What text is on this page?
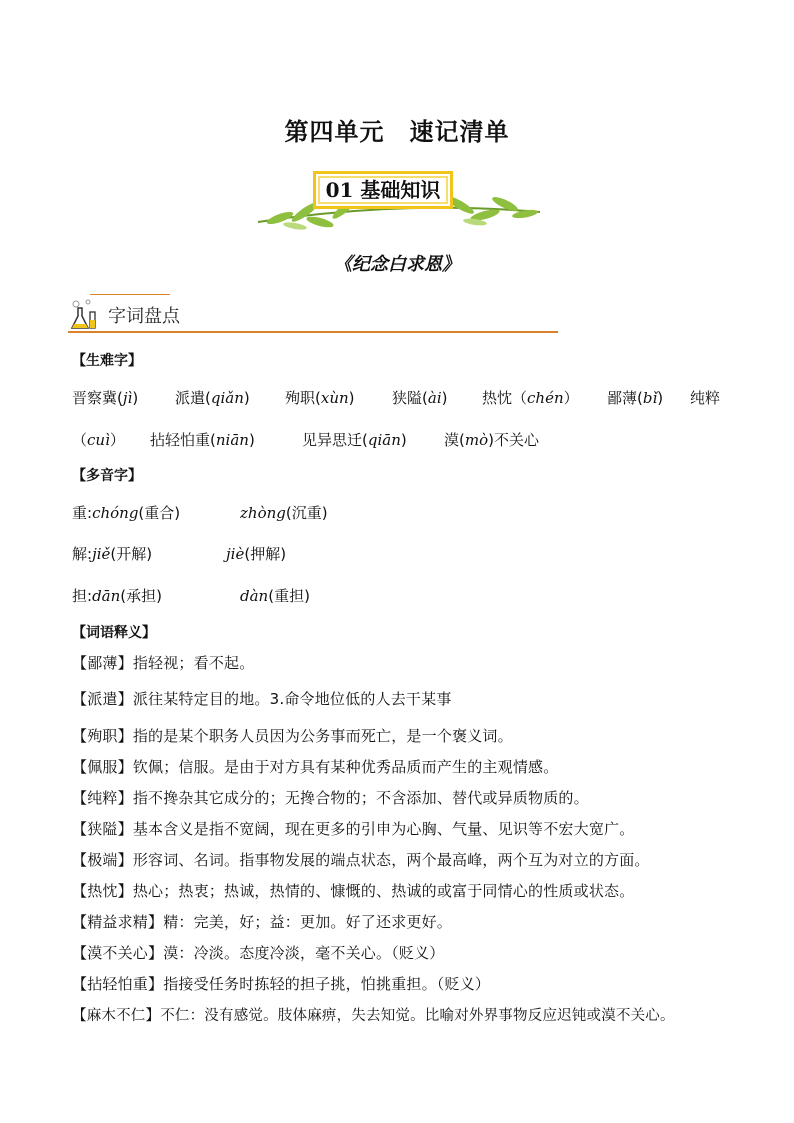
第四单元　速记清单
01 基础知识
《纪念白求恩》
字词盘点
【生难字】
晋察冀(jì) 派遣(qiǎn) 殉职(xùn) 狭隘(ài) 热忱（chén） 鄙薄(bǐ) 纯粹
（cuì） 拈轻怕重(niān)	见异思迁(qiān) 漠(mò)不关心
【多音字】
重:chóng(重合)	zhòng(沉重)
解:jiě(开解)	jiè(押解)
担:dān(承担)	dàn(重担)
【词语释义】
【鄙薄】指轻视；看不起。
【派遣】派往某特定目的地。3.命令地位低的人去干某事
【殉职】指的是某个职务人员因为公务事而死亡，是一个褒义词。
【佩服】钦佩；信服。是由于对方具有某种优秀品质而产生的主观情感。
【纯粹】指不搀杂其它成分的；无搀合物的；不含添加、替代或异质物质的。
【狭隘】基本含义是指不宽阔，现在更多的引申为心胸、气量、见识等不宏大宽广。
【极端】形容词、名词。指事物发展的端点状态，两个最高峰，两个互为对立的方面。
【热忱】热心；热衷；热诚，热情的、慷慨的、热诚的或富于同情心的性质或状态。
【精益求精】精：完美，好；益：更加。好了还求更好。
【漠不关心】漠：冷淡。态度冷淡，毫不关心。（贬义）
【拈轻怕重】指接受任务时拣轻的担子挑，怕挑重担。（贬义）
【麻木不仁】不仁：没有感觉。肢体麻痹，失去知觉。比喻对外界事物反应迟钝或漠不关心。
